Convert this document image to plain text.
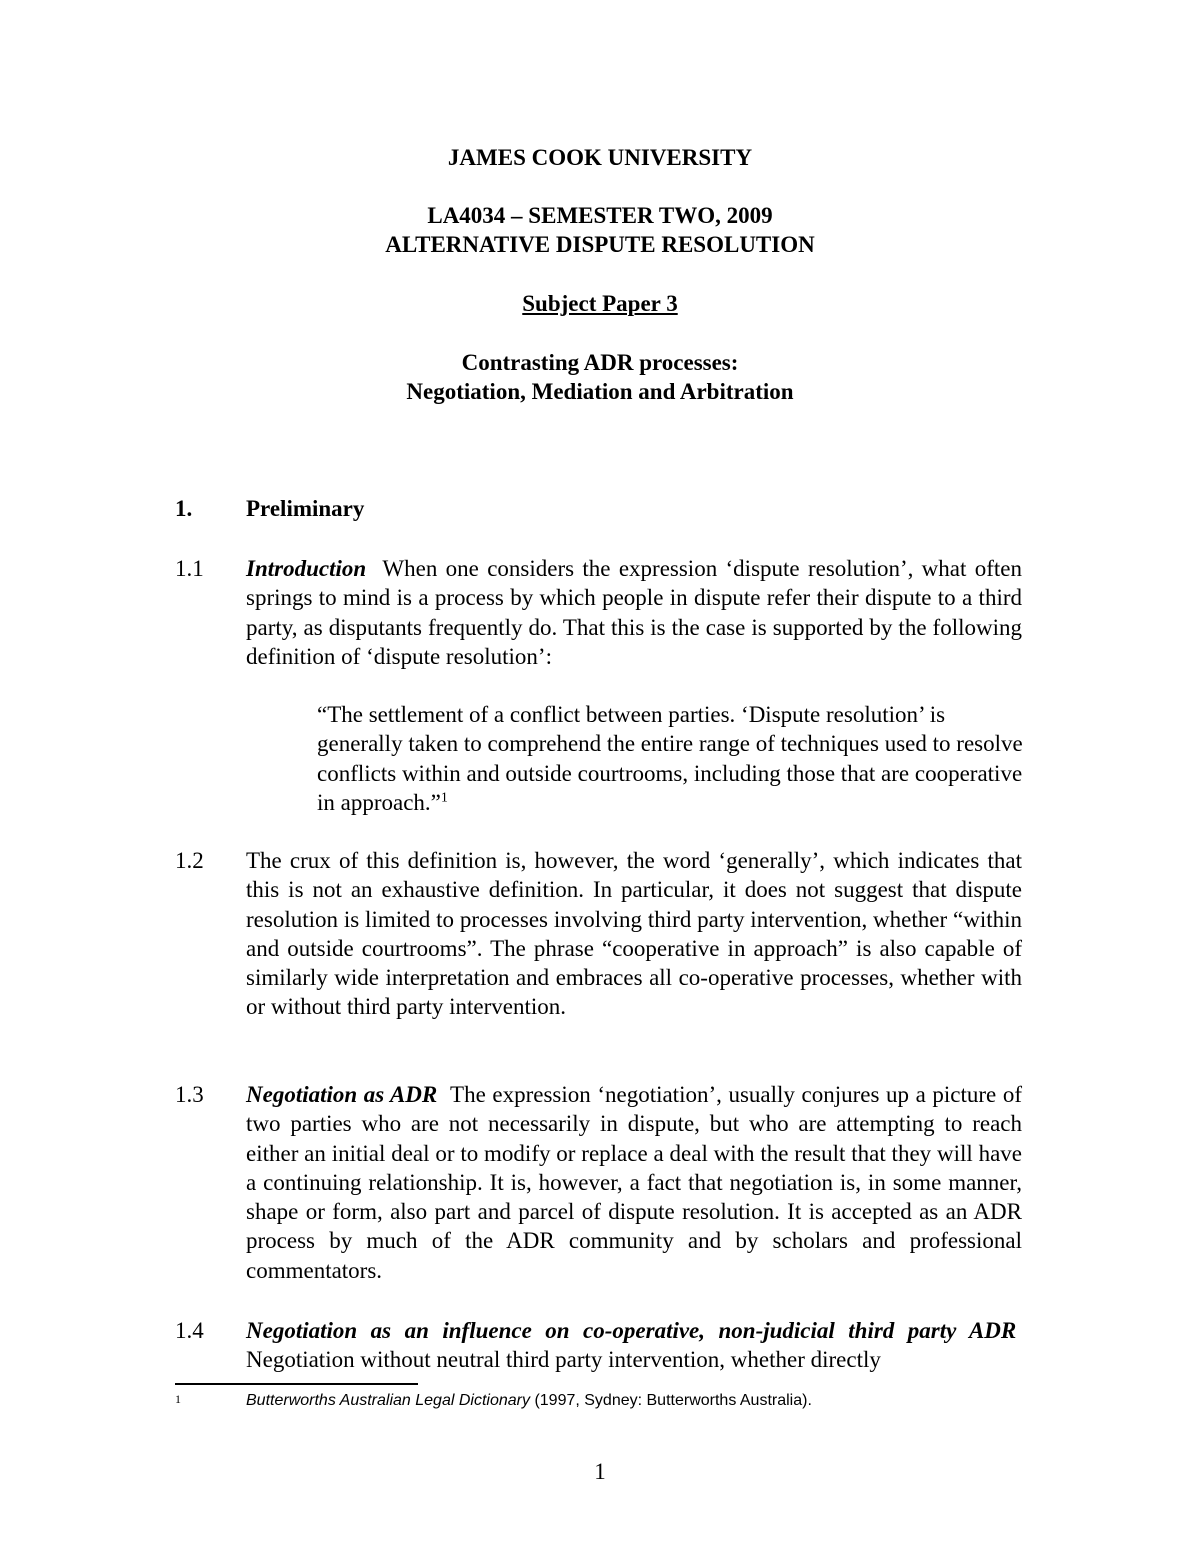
JAMES COOK UNIVERSITY
LA4034 – SEMESTER TWO, 2009
ALTERNATIVE DISPUTE RESOLUTION
Subject Paper 3
Contrasting ADR processes:
Negotiation, Mediation and Arbitration
1. Preliminary
1.1 Introduction When one considers the expression ‘dispute resolution’, what often springs to mind is a process by which people in dispute refer their dispute to a third party, as disputants frequently do. That this is the case is supported by the following definition of ‘dispute resolution’:
“The settlement of a conflict between parties. ‘Dispute resolution’ is generally taken to comprehend the entire range of techniques used to resolve conflicts within and outside courtrooms, including those that are cooperative in approach.”$^1$
1.2 The crux of this definition is, however, the word ‘generally’, which indicates that this is not an exhaustive definition. In particular, it does not suggest that dispute resolution is limited to processes involving third party intervention, whether “within and outside courtrooms”. The phrase “cooperative in approach” is also capable of similarly wide interpretation and embraces all co-operative processes, whether with or without third party intervention.
1.3 Negotiation as ADR The expression ‘negotiation’, usually conjures up a picture of two parties who are not necessarily in dispute, but who are attempting to reach either an initial deal or to modify or replace a deal with the result that they will have a continuing relationship. It is, however, a fact that negotiation is, in some manner, shape or form, also part and parcel of dispute resolution. It is accepted as an ADR process by much of the ADR community and by scholars and professional commentators.
1.4 Negotiation as an influence on co-operative, non-judicial third party ADR  Negotiation without neutral third party intervention, whether directly
1	Butterworths Australian Legal Dictionary (1997, Sydney: Butterworths Australia).
1
